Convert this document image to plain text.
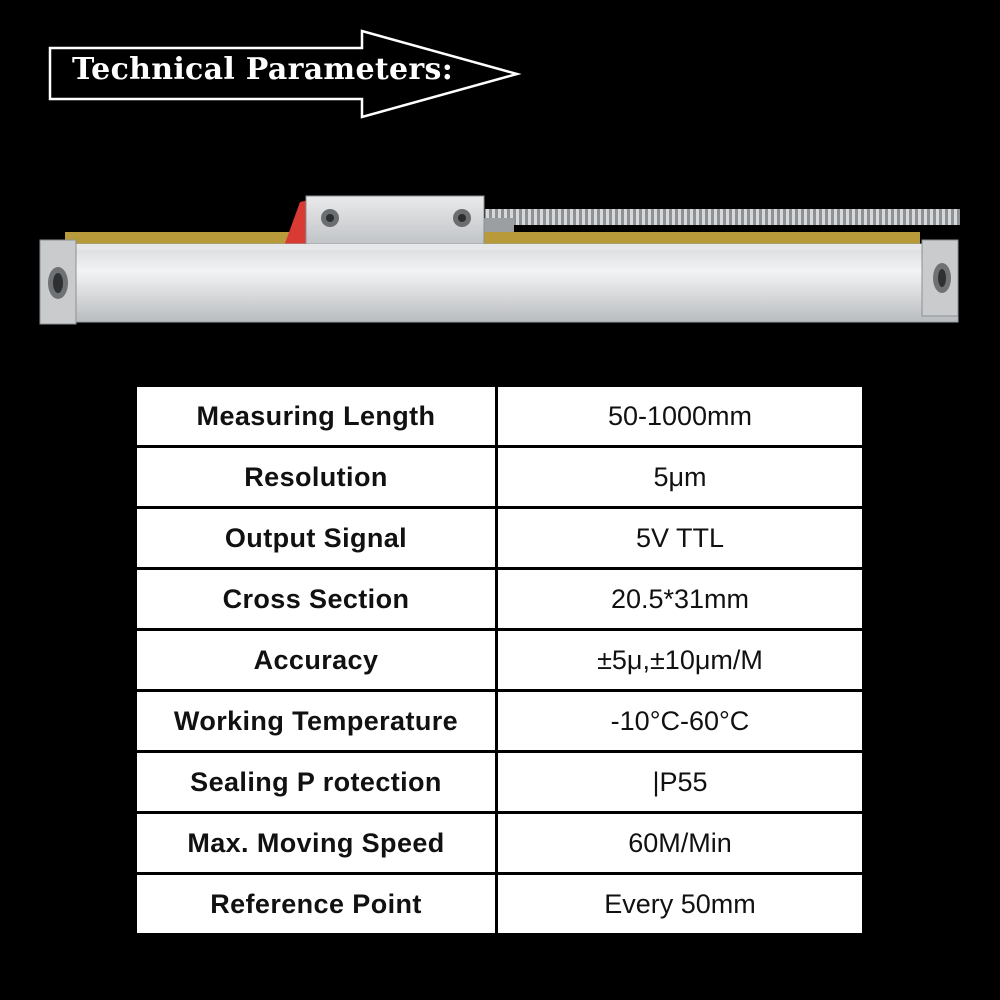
Technical Parameters:
Measuring Length	50-1000mm
Resolution	5μm
Output Signal	5V TTL
Cross Section	20.5*31mm
Accuracy	±5μ,±10μm/M
Working Temperature	-10°C-60°C
Sealing P rotection	|P55
Max. Moving Speed	60M/Min
Reference Point	Every 50mm
